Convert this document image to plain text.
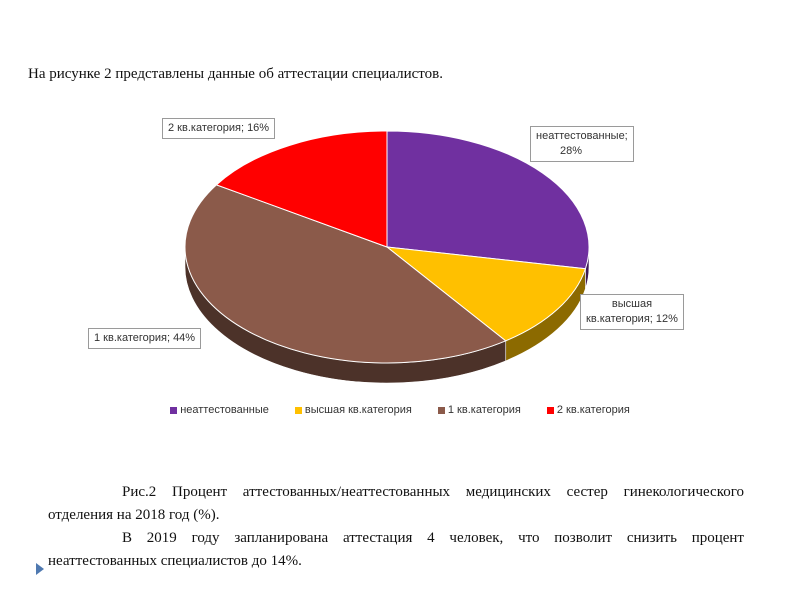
На рисунке 2 представлены данные об аттестации специалистов.
неаттестованные;
28%
высшая
кв.категория; 12%
1 кв.категория; 44%
2 кв.категория; 16%
неаттестованные	высшая кв.категория	1 кв.категория	2 кв.категория

Рис.2 Процент аттестованных/неаттестованных медицинских сестер гинекологического отделения на 2018 год (%).

В 2019 году запланирована аттестация 4 человек, что позволит снизить процент неаттестованных специалистов до 14%.
